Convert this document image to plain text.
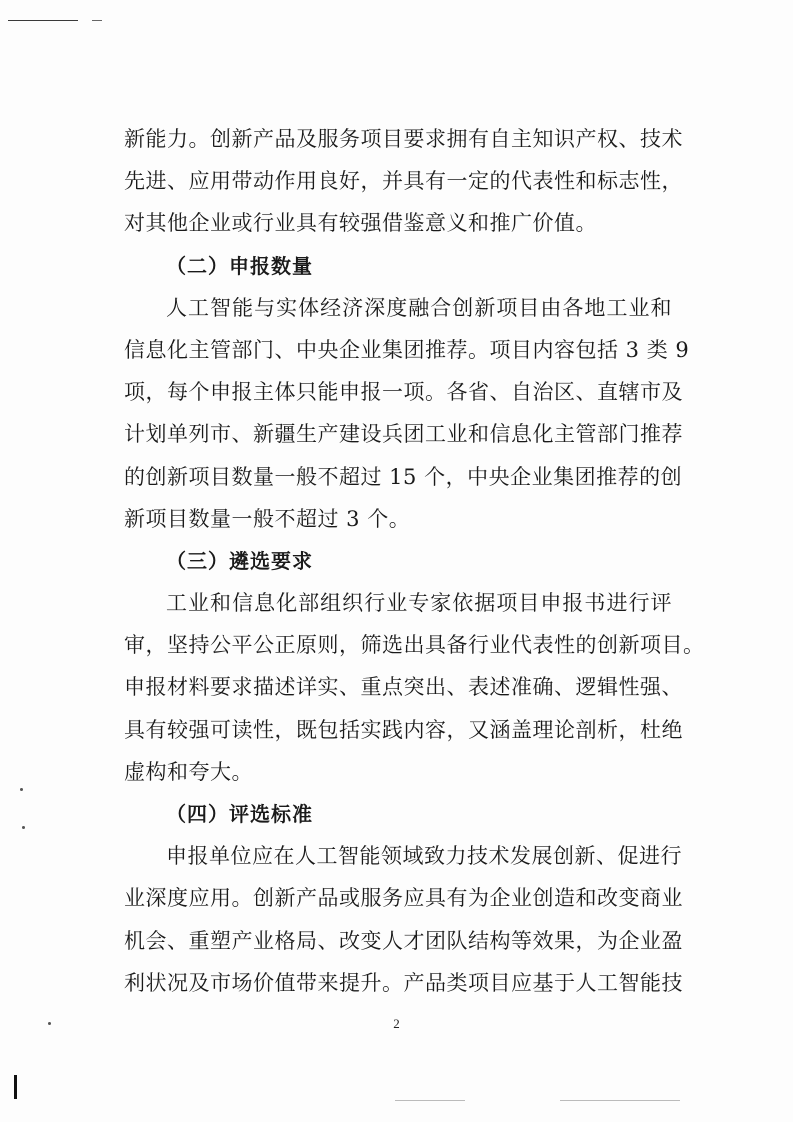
新能力。创新产品及服务项目要求拥有自主知识产权、技术
先进、应用带动作用良好，并具有一定的代表性和标志性，
对其他企业或行业具有较强借鉴意义和推广价值。
（二）申报数量
人工智能与实体经济深度融合创新项目由各地工业和
信息化主管部门、中央企业集团推荐。项目内容包括 3 类 9
项，每个申报主体只能申报一项。各省、自治区、直辖市及
计划单列市、新疆生产建设兵团工业和信息化主管部门推荐
的创新项目数量一般不超过 15 个，中央企业集团推荐的创
新项目数量一般不超过 3 个。
（三）遴选要求
工业和信息化部组织行业专家依据项目申报书进行评
审，坚持公平公正原则，筛选出具备行业代表性的创新项目。
申报材料要求描述详实、重点突出、表述准确、逻辑性强、
具有较强可读性，既包括实践内容，又涵盖理论剖析，杜绝
虚构和夸大。
（四）评选标准
申报单位应在人工智能领域致力技术发展创新、促进行
业深度应用。创新产品或服务应具有为企业创造和改变商业
机会、重塑产业格局、改变人才团队结构等效果，为企业盈
利状况及市场价值带来提升。产品类项目应基于人工智能技
2
